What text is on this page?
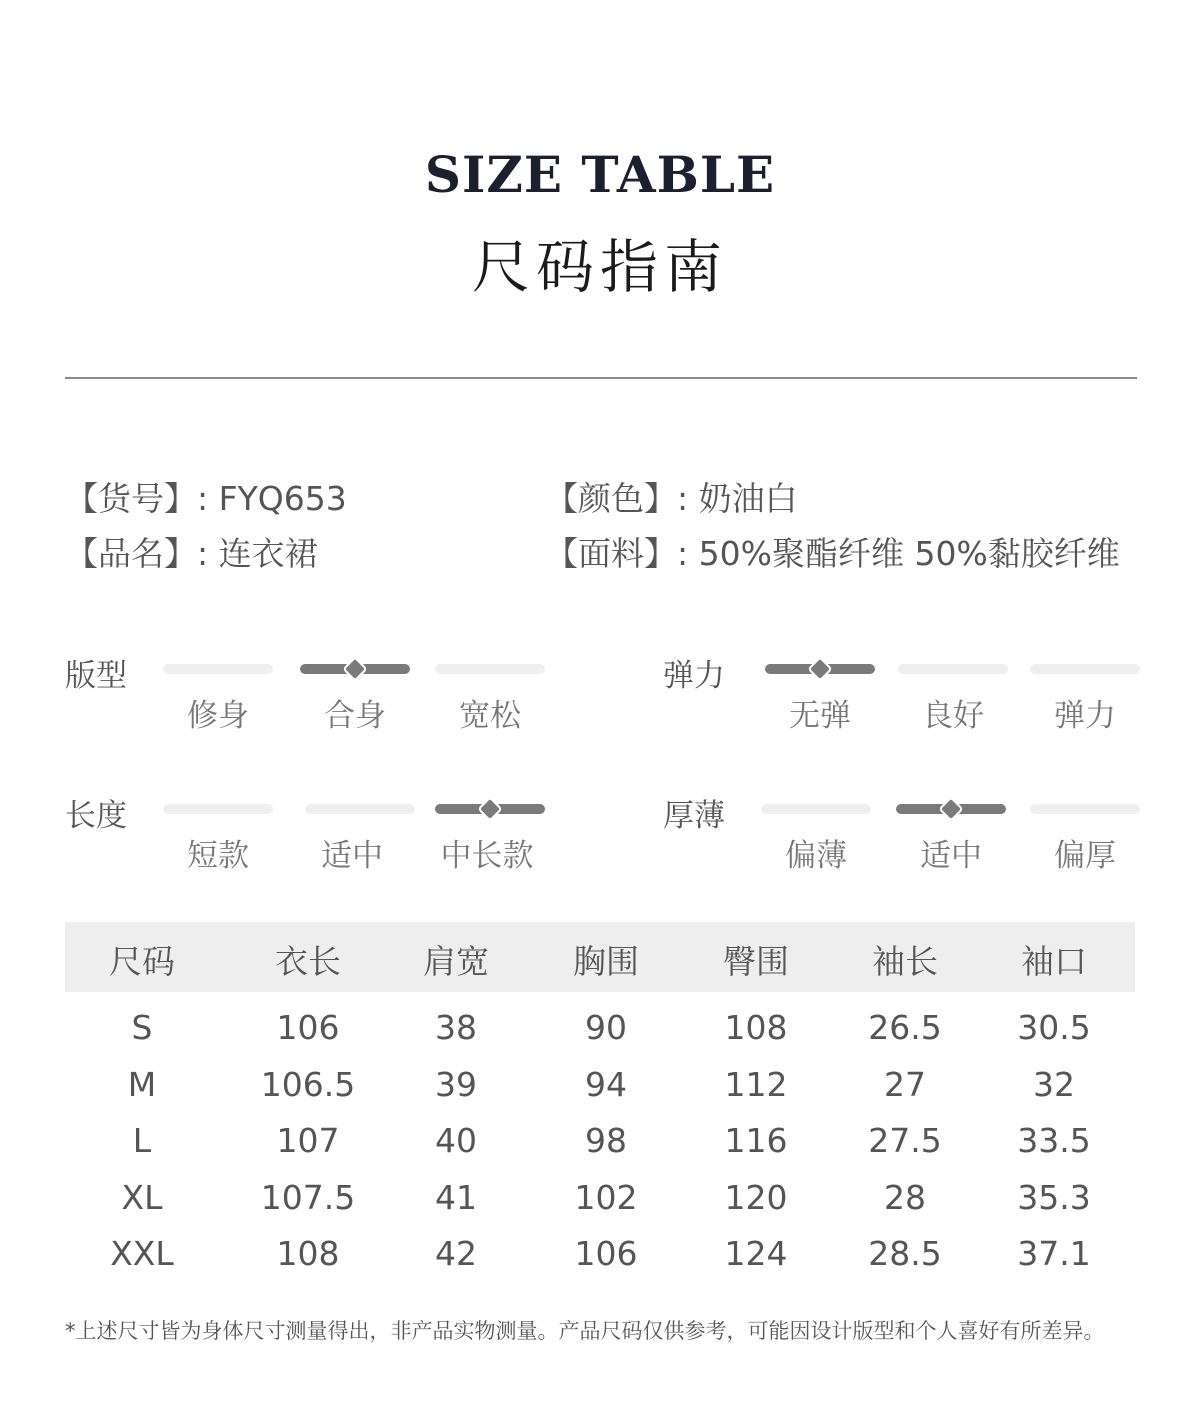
SIZE TABLE
尺码指南
【货号】: FYQ653	【颜色】: 奶油白
【品名】: 连衣裙	【面料】: 50%聚酯纤维 50%黏胶纤维
版型
修身	合身	宽松
弹力
无弹	良好	弹力
长度
短款	适中	中长款
厚薄
偏薄	适中	偏厚
尺码	衣长	肩宽	胸围	臀围	袖长	袖口
S	106	38	90	108	26.5	30.5
M	106.5	39	94	112	27	32
L	107	40	98	116	27.5	33.5
XL	107.5	41	102	120	28	35.3
XXL	108	42	106	124	28.5	37.1
*上述尺寸皆为身体尺寸测量得出，非产品实物测量。产品尺码仅供参考，可能因设计版型和个人喜好有所差异。
